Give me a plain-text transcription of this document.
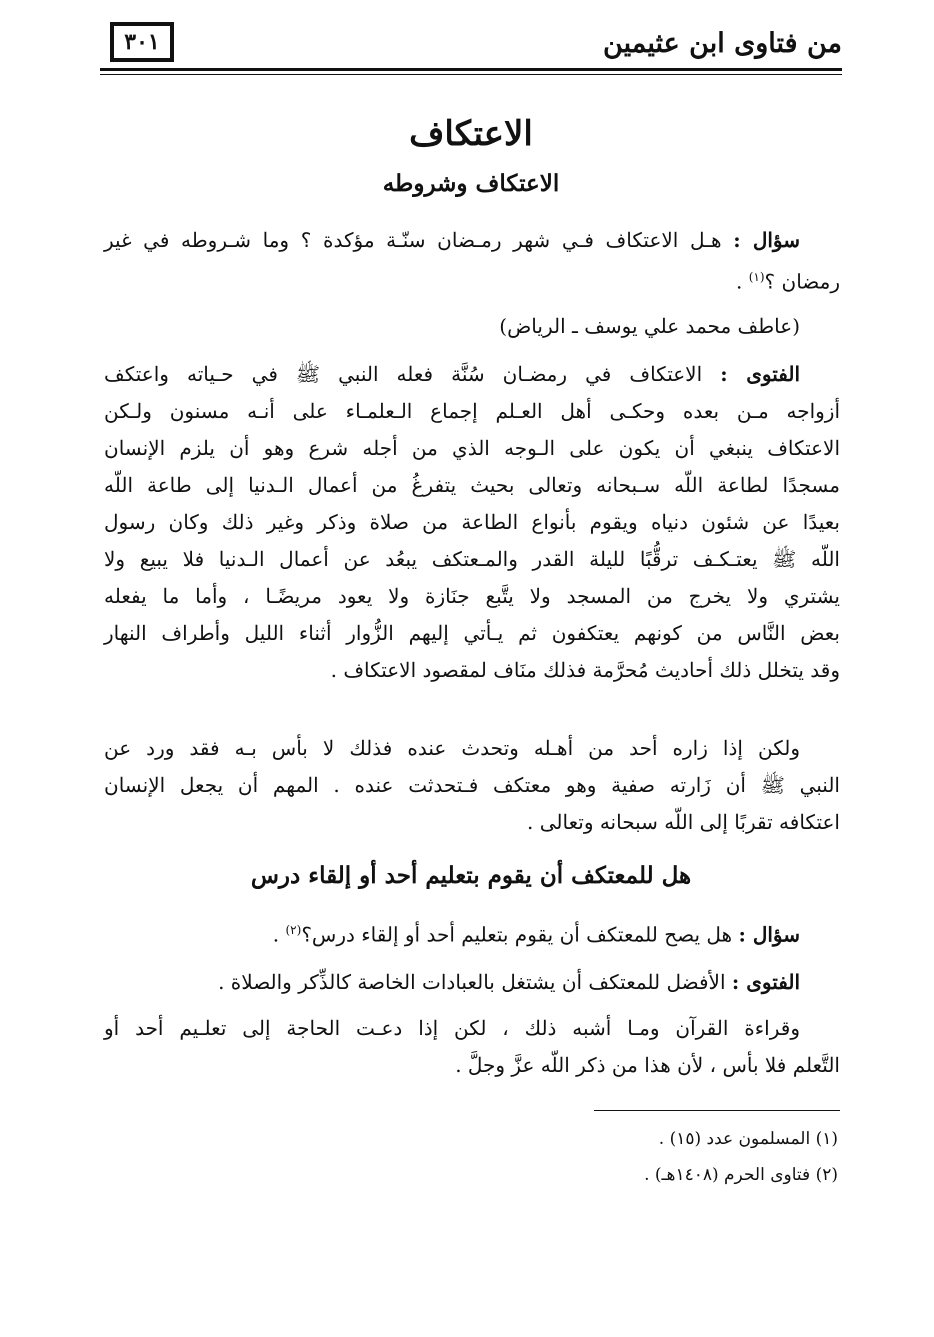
من فتاوى ابن عثيمين
٣٠١
الاعتكاف
الاعتكاف وشروطه
سؤال : هـل الاعتكاف فـي شهر رمـضان سنّـة مؤكدة ؟ وما شـروطه في غير
رمضان ؟$^{(١)}$ .
(عاطف محمد علي يوسف ـ الرياض)
الفتوى : الاعتكاف في رمضـان سُنَّة فعله النبي ﷺ في حـياته واعتكف
أزواجه مـن بعده وحكـى أهل العـلم إجماع الـعلمـاء على أنـه مسنون ولـكن
الاعتكاف ينبغي أن يكون على الـوجه الذي من أجله شرع وهو أن يلزم الإنسان
مسجدًا لطاعة اللّه سـبحانه وتعالى بحيث يتفرغُ من أعمال الـدنيا إلى طاعة اللّه
بعيدًا عن شئون دنياه ويقوم بأنواع الطاعة من صلاة وذكر وغير ذلك وكان رسول
اللّه ﷺ يعتـكـف ترقُّبًا لليلة القدر والمـعتكف يبعُد عن أعمال الـدنيا فلا يبيع ولا
يشتري ولا يخرج من المسجد ولا يتَّبع جنَازة ولا يعود مريضًـا ، وأما ما يفعله
بعض النَّاس من كونهم يعتكفون ثم يـأتي إليهم الزُّوار أثناء الليل وأطراف النهار
وقد يتخلل ذلك أحاديث مُحرَّمة فذلك منَاف لمقصود الاعتكاف .
ولكن إذا زاره أحد من أهـله وتحدث عنده فذلك لا بأس بـه فقد ورد عن
النبي ﷺ أن زَارته صفية وهو معتكف فـتحدثت عنده . المهم أن يجعل الإنسان
اعتكافه تقربًا إلى اللّه سبحانه وتعالى .
هل للمعتكف أن يقوم بتعليم أحد أو إلقاء درس
سؤال : هل يصح للمعتكف أن يقوم بتعليم أحد أو إلقاء درس؟$^{(٢)}$ .
الفتوى : الأفضل للمعتكف أن يشتغل بالعبادات الخاصة كالذِّكر والصلاة .
وقراءة القرآن ومـا أشبه ذلك ، لكن إذا دعـت الحاجة إلى تعلـيم أحد أو
التَّعلم فلا بأس ، لأن هذا من ذكر اللّه عزَّ وجلَّ .
(١) المسلمون عدد (١٥) .
(٢) فتاوى الحرم (١٤٠٨هـ) .
